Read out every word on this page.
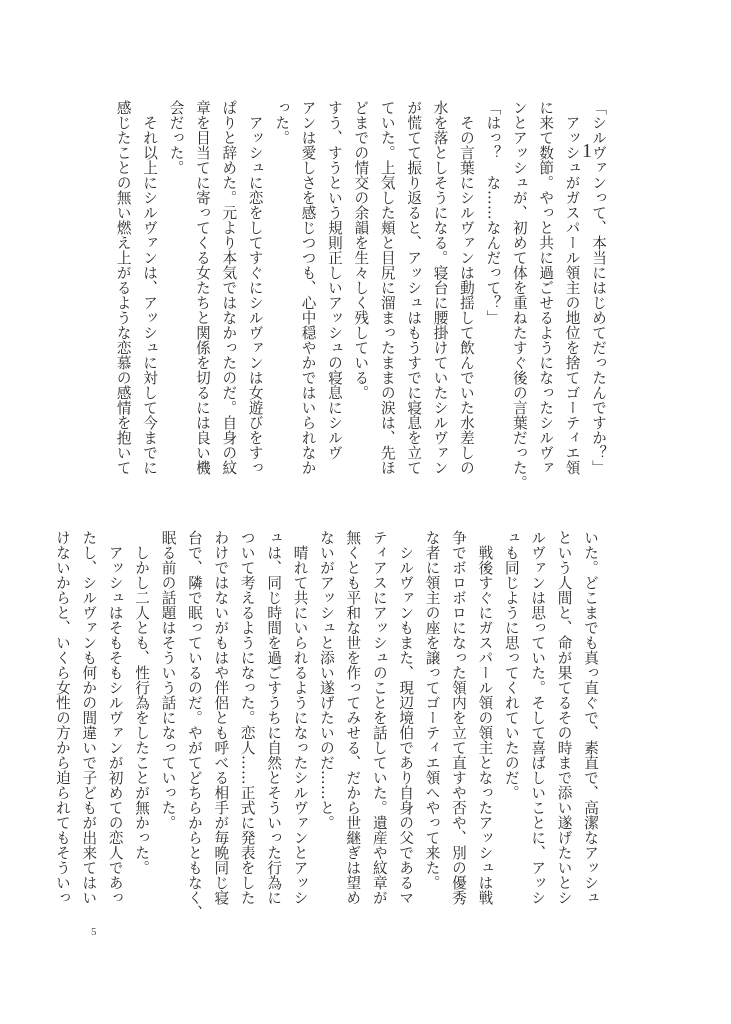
1
「シルヴァンって、本当にはじめてだったんですか？」
　アッシュがガスパール領主の地位を捨てゴーティエ領
に来て数節。やっと共に過ごせるようになったシルヴァ
ンとアッシュが、初めて体を重ねたすぐ後の言葉だった。
「はっ？　な……なんだって？」
　その言葉にシルヴァンは動揺して飲んでいた水差しの
水を落としそうになる。寝台に腰掛けていたシルヴァン
が慌てて振り返ると、アッシュはもうすでに寝息を立て
ていた。上気した頬と目尻に溜まったままの涙は、先ほ
どまでの情交の余韻を生々しく残している。
すう、すうという規則正しいアッシュの寝息にシルヴ
アンは愛しさを感じつつも、心中穏やかではいられなか
った。
　アッシュに恋をしてすぐにシルヴァンは女遊びをすっ
ぱりと辞めた。元より本気ではなかったのだ。自身の紋
章を目当てに寄ってくる女たちと関係を切るには良い機
会だった。
　それ以上にシルヴァンは、アッシュに対して今までに
感じたことの無い燃え上がるような恋慕の感情を抱いて
いた。どこまでも真っ直ぐで、素直で、高潔なアッシュ
という人間と、命が果てるその時まで添い遂げたいとシ
ルヴァンは思っていた。そして喜ばしいことに、アッシ
ュも同じように思ってくれていたのだ。
　戦後すぐにガスパール領の領主となったアッシュは戦
争でボロボロになった領内を立て直すや否や、別の優秀
な者に領主の座を譲ってゴーティエ領へやって来た。
　シルヴァンもまた、現辺境伯であり自身の父であるマ
ティアスにアッシュのことを話していた。遺産や紋章が
無くとも平和な世を作ってみせる、だから世継ぎは望め
ないがアッシュと添い遂げたいのだ……と。
　晴れて共にいられるようになったシルヴァンとアッシ
ュは、同じ時間を過ごすうちに自然とそういった行為に
ついて考えるようになった。恋人……正式に発表をした
わけではないがもはや伴侶とも呼べる相手が毎晩同じ寝
台で、隣で眠っているのだ。やがてどちらからともなく、
眠る前の話題はそういう話になっていった。
　しかし二人とも、性行為をしたことが無かった。
　アッシュはそもそもシルヴァンが初めての恋人であっ
たし、シルヴァンも何かの間違いで子どもが出来てはい
けないからと、いくら女性の方から迫られてもそういっ
5
